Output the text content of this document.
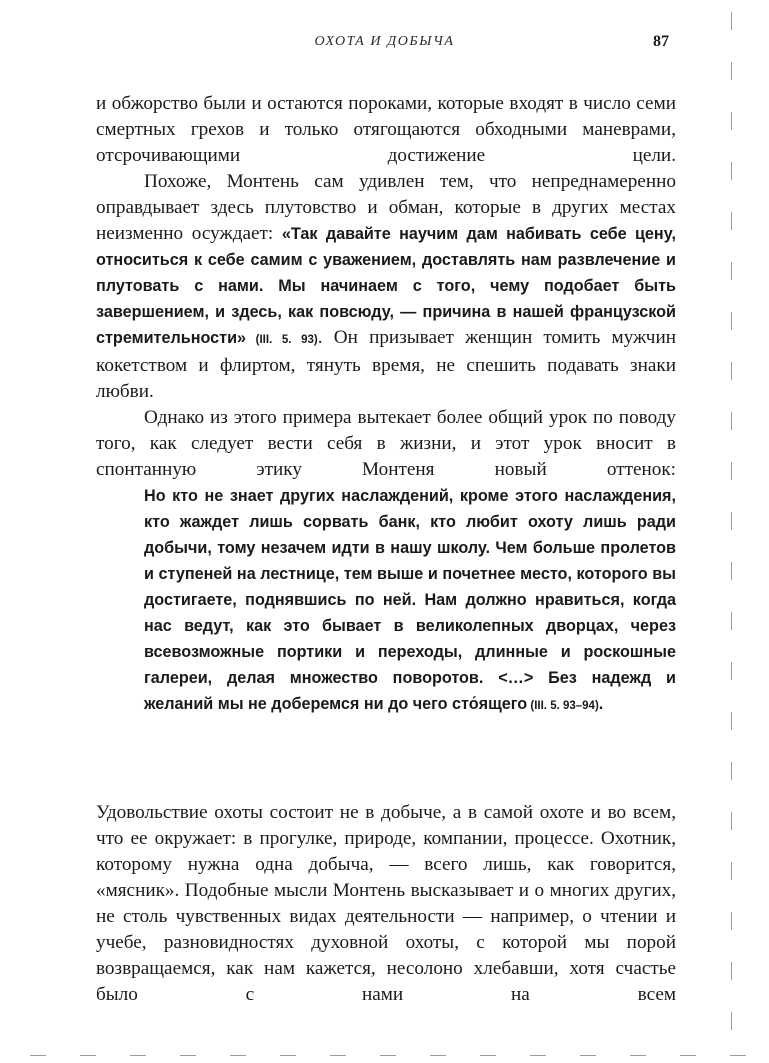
ОХОТА И ДОБЫЧА	87

и обжорство были и остаются пороками, которые входят в число семи смертных грехов и только отягощаются обходными маневрами, отсрочивающими достижение цели.

Похоже, Монтень сам удивлен тем, что непреднамеренно оправдывает здесь плутовство и обман, которые в других местах неизменно осуждает: «Так давайте научим дам набивать себе цену, относиться к себе самим с уважением, доставлять нам развлечение и плутовать с нами. Мы начинаем с того, чему подобает быть завершением, и здесь, как повсюду, — причина в нашей французской стремительности» (III. 5. 93). Он призывает женщин томить мужчин кокетством и флиртом, тянуть время, не спешить подавать знаки любви.

Однако из этого примера вытекает более общий урок по поводу того, как следует вести себя в жизни, и этот урок вносит в спонтанную этику Монтеня новый оттенок:

Но кто не знает других наслаждений, кроме этого наслаждения, кто жаждет лишь сорвать банк, кто любит охоту лишь ради добычи, тому незачем идти в нашу школу. Чем больше пролетов и ступеней на лестнице, тем выше и почетнее место, которого вы достигаете, поднявшись по ней. Нам должно нравиться, когда нас ведут, как это бывает в великолепных дворцах, через всевозможные портики и переходы, длинные и роскошные галереи, делая множество поворотов. <…> Без надежд и желаний мы не доберемся ни до чего сто́ящего (III. 5. 93–94).

Удовольствие охоты состоит не в добыче, а в самой охоте и во всем, что ее окружает: в прогулке, природе, компании, процессе. Охотник, которому нужна одна добыча, — всего лишь, как говорится, «мясник». Подобные мысли Монтень высказывает и о многих других, не столь чувственных видах деятельности — например, о чтении и учебе, разновидностях духовной охоты, с которой мы порой возвращаемся, как нам кажется, несолоно хлебавши, хотя счастье было с нами на всем
